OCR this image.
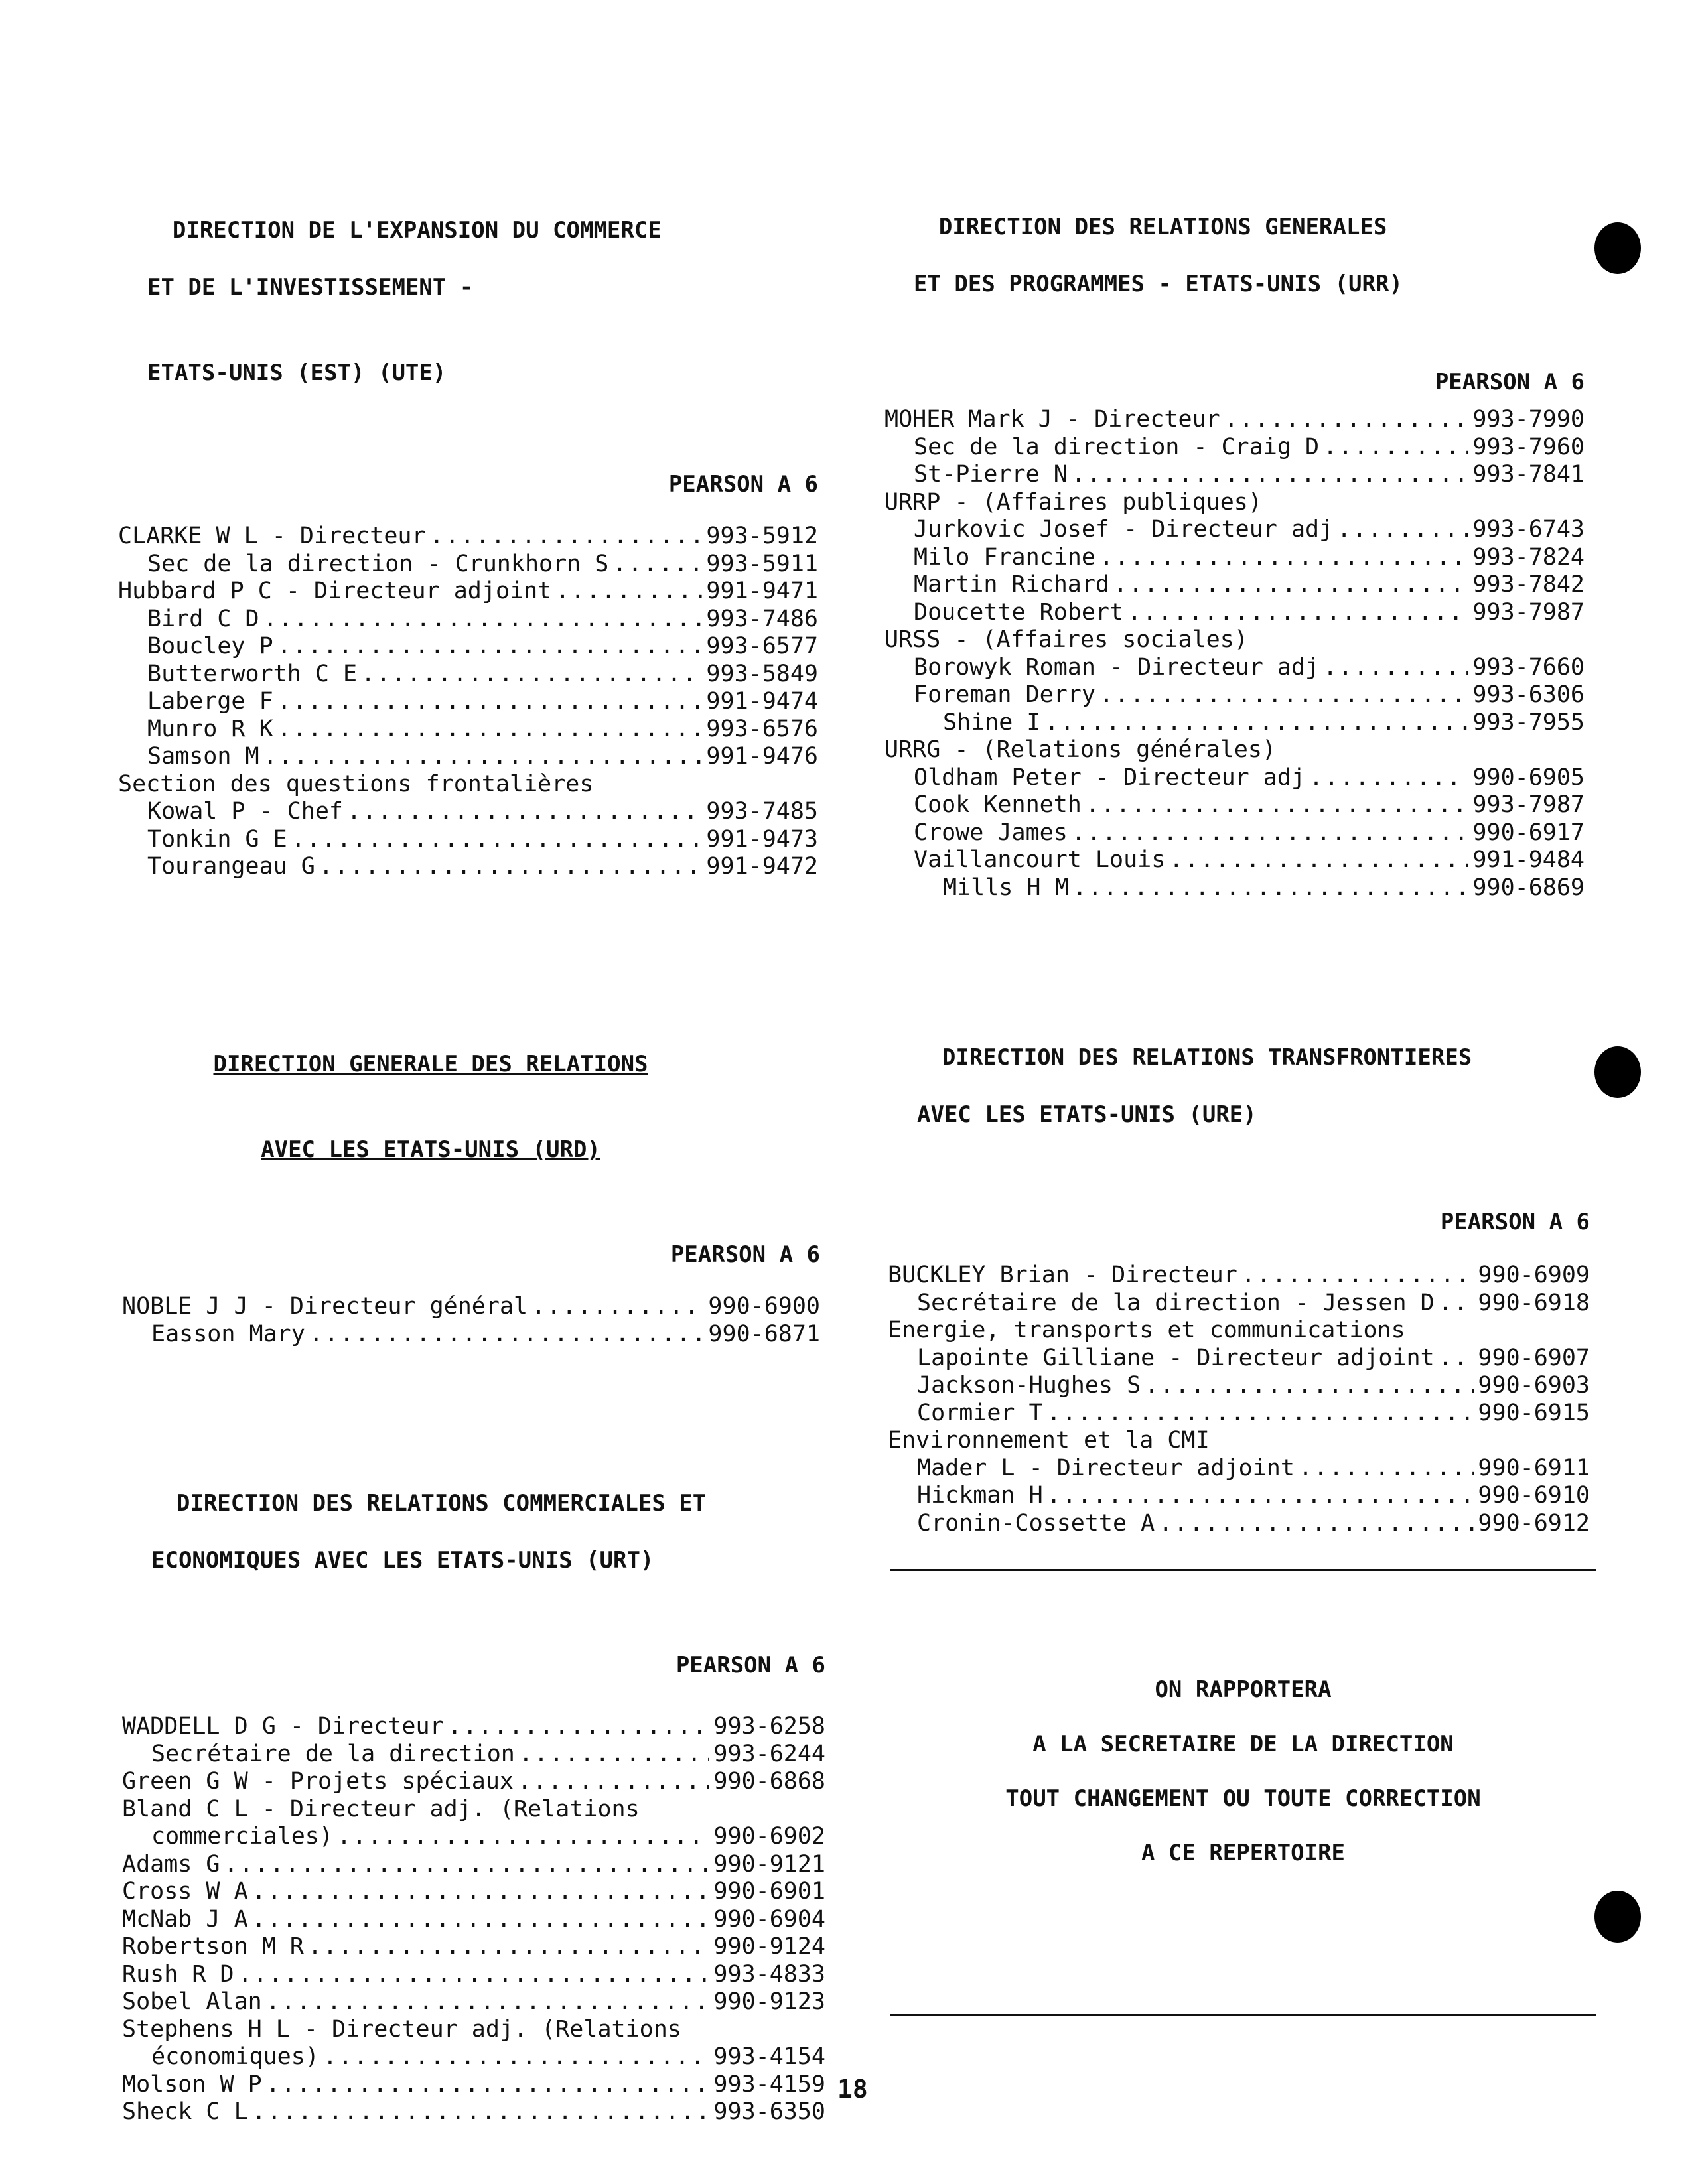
DIRECTION DE L'EXPANSION DU COMMERCE

ET DE L'INVESTISSEMENT -

ETATS-UNIS (EST) (UTE)

PEARSON A 6
CLARKE W L - Directeur .....	993-5912
Sec de la direction - Crunkhorn S .....	993-5911
Hubbard P C - Directeur adjoint .....	991-9471
Bird C D .....	993-7486
Boucley P .....	993-6577
Butterworth C E .....	993-5849
Laberge F .....	991-9474
Munro R K .....	993-6576
Samson M .....	991-9476
Section des questions frontalières
Kowal P - Chef .....	993-7485
Tonkin G E .....	991-9473
Tourangeau G .....	991-9472

DIRECTION DES RELATIONS GENERALES

ET DES PROGRAMMES - ETATS-UNIS (URR)

PEARSON A 6
MOHER Mark J - Directeur .....	993-7990
Sec de la direction - Craig D .....	993-7960
St-Pierre N .....	993-7841
URRP - (Affaires publiques)
Jurkovic Josef - Directeur adj .....	993-6743
Milo Francine .....	993-7824
Martin Richard .....	993-7842
Doucette Robert .....	993-7987
URSS - (Affaires sociales)
Borowyk Roman - Directeur adj .....	993-7660
Foreman Derry .....	993-6306
Shine I .....	993-7955
URRG - (Relations générales)
Oldham Peter - Directeur adj .....	990-6905
Cook Kenneth .....	993-7987
Crowe James .....	990-6917
Vaillancourt Louis .....	991-9484
Mills H M .....	990-6869

DIRECTION GENERALE DES RELATIONS

AVEC LES ETATS-UNIS (URD)

PEARSON A 6
NOBLE J J - Directeur général .....	990-6900
Easson Mary .....	990-6871

DIRECTION DES RELATIONS TRANSFRONTIERES

AVEC LES ETATS-UNIS (URE)

PEARSON A 6
BUCKLEY Brian - Directeur .....	990-6909
Secrétaire de la direction - Jessen D ..... 990-6918
Energie, transports et communications
Lapointe Gilliane - Directeur adjoint ..... 990-6907
Jackson-Hughes S .....	990-6903
Cormier T .....	990-6915
Environnement et la CMI
Mader L - Directeur adjoint .....	990-6911
Hickman H .....	990-6910
Cronin-Cossette A .....	990-6912

DIRECTION DES RELATIONS COMMERCIALES ET

ECONOMIQUES AVEC LES ETATS-UNIS (URT)

PEARSON A 6
WADDELL D G - Directeur .....	993-6258
Secrétaire de la direction .....	993-6244
Green G W - Projets spéciaux .....	990-6868
Bland C L - Directeur adj. (Relations
commerciales) .....	990-6902
Adams G .....	990-9121
Cross W A .....	990-6901
McNab J A .....	990-6904
Robertson M R .....	990-9124
Rush R D .....	993-4833
Sobel Alan .....	990-9123
Stephens H L - Directeur adj. (Relations
économiques) .....	993-4154
Molson W P .....	993-4159
Sheck C L .....	993-6350

ON RAPPORTERA

A LA SECRETAIRE DE LA DIRECTION

TOUT CHANGEMENT OU TOUTE CORRECTION

A CE REPERTOIRE

18
